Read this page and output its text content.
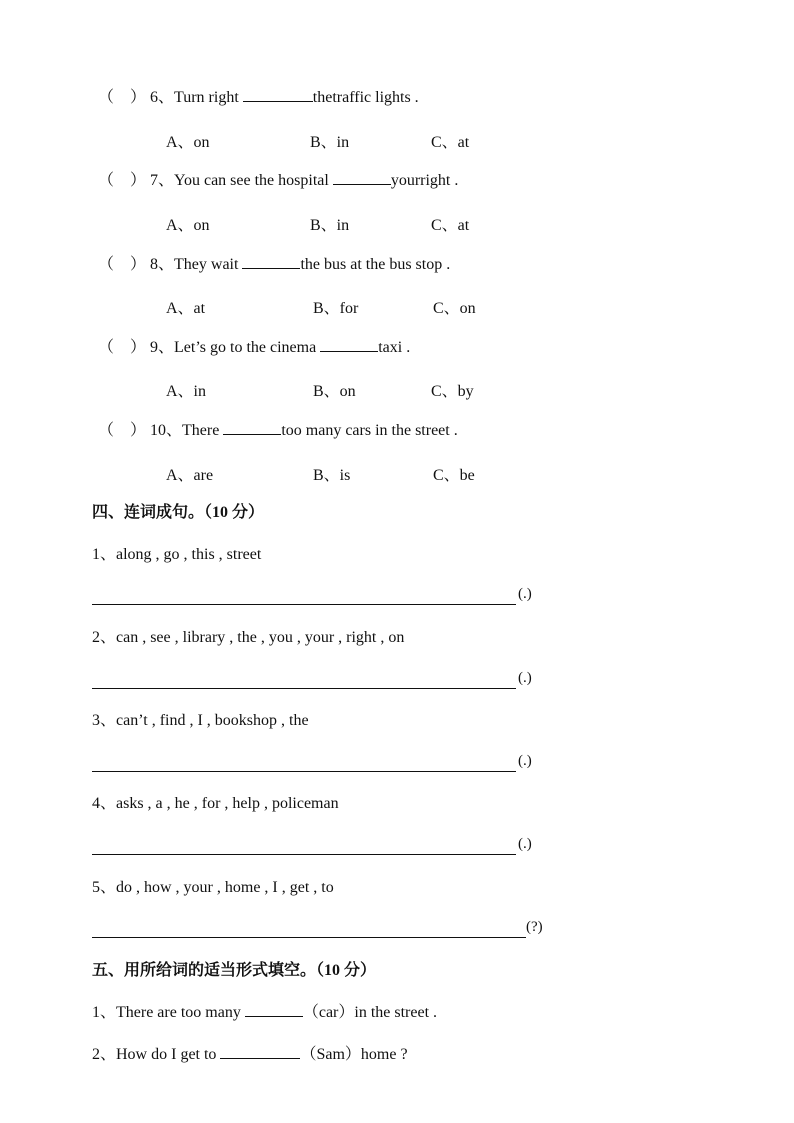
（　） 6、Turn right	thetraffic lights .
A、on	B、in	C、at
（　） 7、You can see the hospital	yourright .
A、on	B、in	C、at
（　） 8、They wait	the bus at the bus stop .
A、at	B、for	C、on
（　） 9、Let’s go to the cinema	taxi .
A、in	B、on	C、by
（　） 10、There	too many cars in the street .
A、are	B、is	C、be
四、连词成句。（10 分）
1、along , go , this , street
(.)
2、can , see , library , the , you , your , right , on
(.)
3、can’t , find , I , bookshop , the
(.)
4、asks , a , he , for , help , policeman
(.)
5、do , how , your , home , I , get , to
(?)
五、用所给词的适当形式填空。（10 分）
1、There are too many	（car）in the street .
2、How do I get to	（Sam）home ?
